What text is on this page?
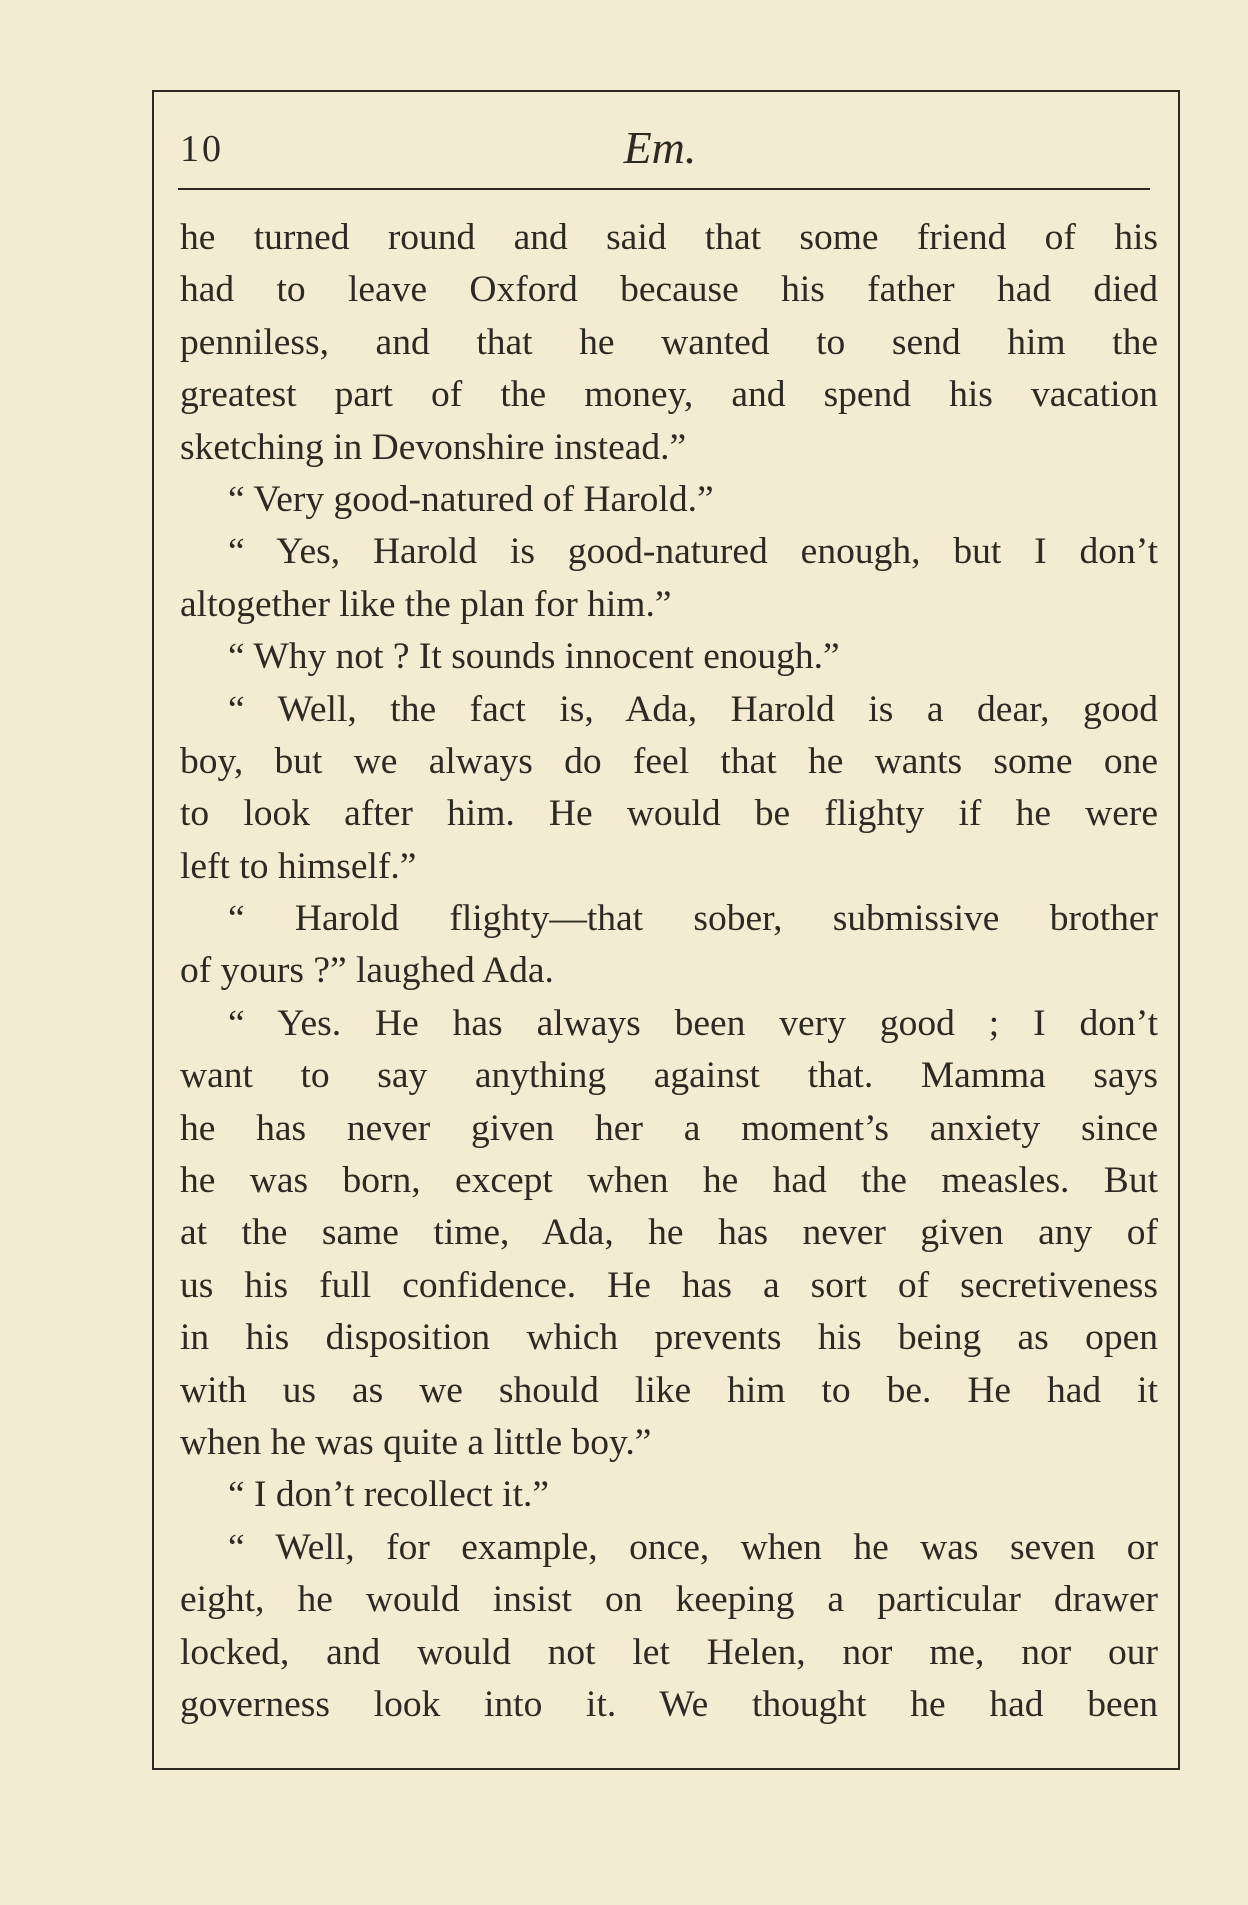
10	Em.
he turned round and said that some friend of his
had to leave Oxford because his father had died
penniless, and that he wanted to send him the
greatest part of the money, and spend his vacation
sketching in Devonshire instead.”
“ Very good-natured of Harold.”
“ Yes, Harold is good-natured enough, but I don’t
altogether like the plan for him.”
“ Why not ? It sounds innocent enough.”
“ Well, the fact is, Ada, Harold is a dear, good
boy, but we always do feel that he wants some one
to look after him. He would be flighty if he were
left to himself.”
“ Harold flighty—that sober, submissive brother
of yours ?” laughed Ada.
“ Yes. He has always been very good ; I don’t
want to say anything against that. Mamma says
he has never given her a moment’s anxiety since
he was born, except when he had the measles. But
at the same time, Ada, he has never given any of
us his full confidence. He has a sort of secretiveness
in his disposition which prevents his being as open
with us as we should like him to be. He had it
when he was quite a little boy.”
“ I don’t recollect it.”
“ Well, for example, once, when he was seven or
eight, he would insist on keeping a particular drawer
locked, and would not let Helen, nor me, nor our
governess look into it. We thought he had been
